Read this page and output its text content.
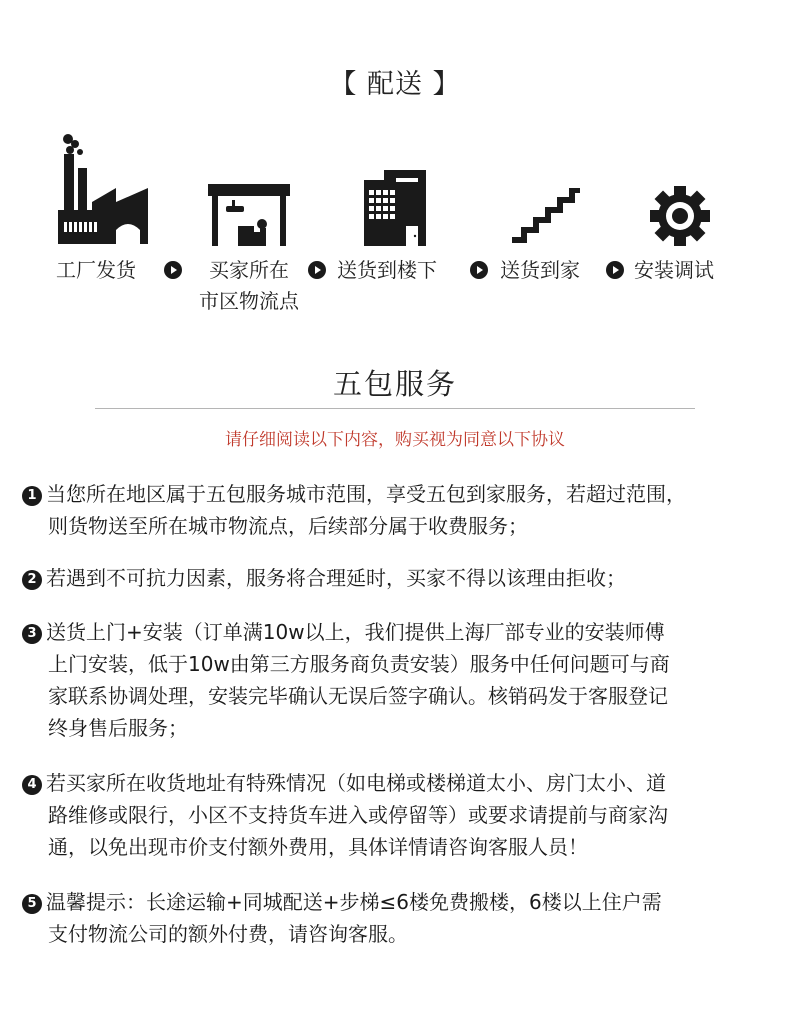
【 配送 】
工厂发货	买家所在
市区物流点
送货到楼下	送货到家	安装调试
五包服务
请仔细阅读以下内容，购买视为同意以下协议
1 当您所在地区属于五包服务城市范围，享受五包到家服务，若超过范围，
则货物送至所在城市物流点，后续部分属于收费服务；
2 若遇到不可抗力因素，服务将合理延时，买家不得以该理由拒收；
3 送货上门+安装（订单满10w以上，我们提供上海厂部专业的安装师傅
上门安装，低于10w由第三方服务商负责安装）服务中任何问题可与商
家联系协调处理，安装完毕确认无误后签字确认。核销码发于客服登记
终身售后服务；
4 若买家所在收货地址有特殊情况（如电梯或楼梯道太小、房门太小、道
路维修或限行，小区不支持货车进入或停留等）或要求请提前与商家沟
通，以免出现市价支付额外费用，具体详情请咨询客服人员！
5 温馨提示：长途运输+同城配送+步梯≤6楼免费搬楼，6楼以上住户需
支付物流公司的额外付费，请咨询客服。
